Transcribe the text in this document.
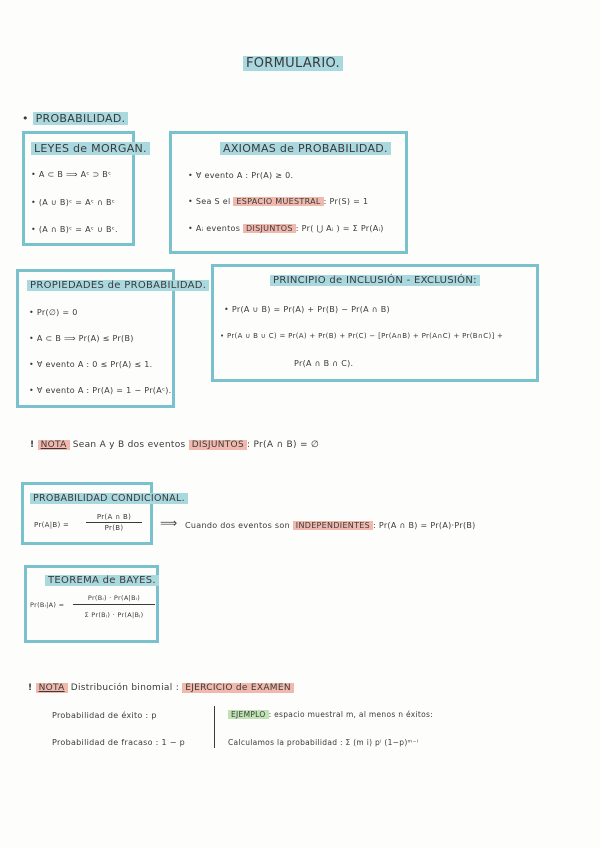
FORMULARIO.
• PROBABILIDAD.
LEYES de MORGAN.
• A ⊂ B ⟹ Aᶜ ⊃ Bᶜ
• (A ∪ B)ᶜ = Aᶜ ∩ Bᶜ
• (A ∩ B)ᶜ = Aᶜ ∪ Bᶜ.
AXIOMAS de PROBABILIDAD.
• ∀ evento A : Pr(A) ≥ 0.
• Sea S el ESPACIO MUESTRAL : Pr(S) = 1
• Aᵢ eventos DISJUNTOS : Pr( ⋃ Aᵢ ) = Σ Pr(Aᵢ)
PROPIEDADES de PROBABILIDAD.
• Pr(∅) = 0
• A ⊂ B ⟹ Pr(A) ≤ Pr(B)
• ∀ evento A : 0 ≤ Pr(A) ≤ 1.
• ∀ evento A : Pr(A) = 1 − Pr(Aᶜ).
PRINCIPIO de INCLUSIÓN - EXCLUSIÓN:
• Pr(A ∪ B) = Pr(A) + Pr(B) − Pr(A ∩ B)
• Pr(A ∪ B ∪ C) = Pr(A) + Pr(B) + Pr(C) − [Pr(A∩B) + Pr(A∩C) + Pr(B∩C)] +
Pr(A ∩ B ∩ C).
! NOTA Sean A y B dos eventos DISJUNTOS : Pr(A ∩ B) = ∅
PROBABILIDAD CONDICIONAL.
$Pr(A|B) = \frac{Pr(A \cap B)}{Pr(B)}$ ⟹ Cuando dos eventos son INDEPENDIENTES : Pr(A ∩ B) = Pr(A)·Pr(B)
TEOREMA de BAYES.
Pr(Bᵢ|A) = $\frac{\text{Pr(Bᵢ) · Pr(A|Bᵢ)}}{\text{Σ Pr(Bⱼ) · Pr(A|Bⱼ)}}$
! NOTA Distribución binomial : EJERCICIO de EXAMEN
Probabilidad de éxito : p
Probabilidad de fracaso : 1 − p
EJEMPLO : espacio muestral m, al menos n éxitos:
Calculamos la probabilidad : Σ (m i) pⁱ (1−p)ᵐ⁻ⁱ
